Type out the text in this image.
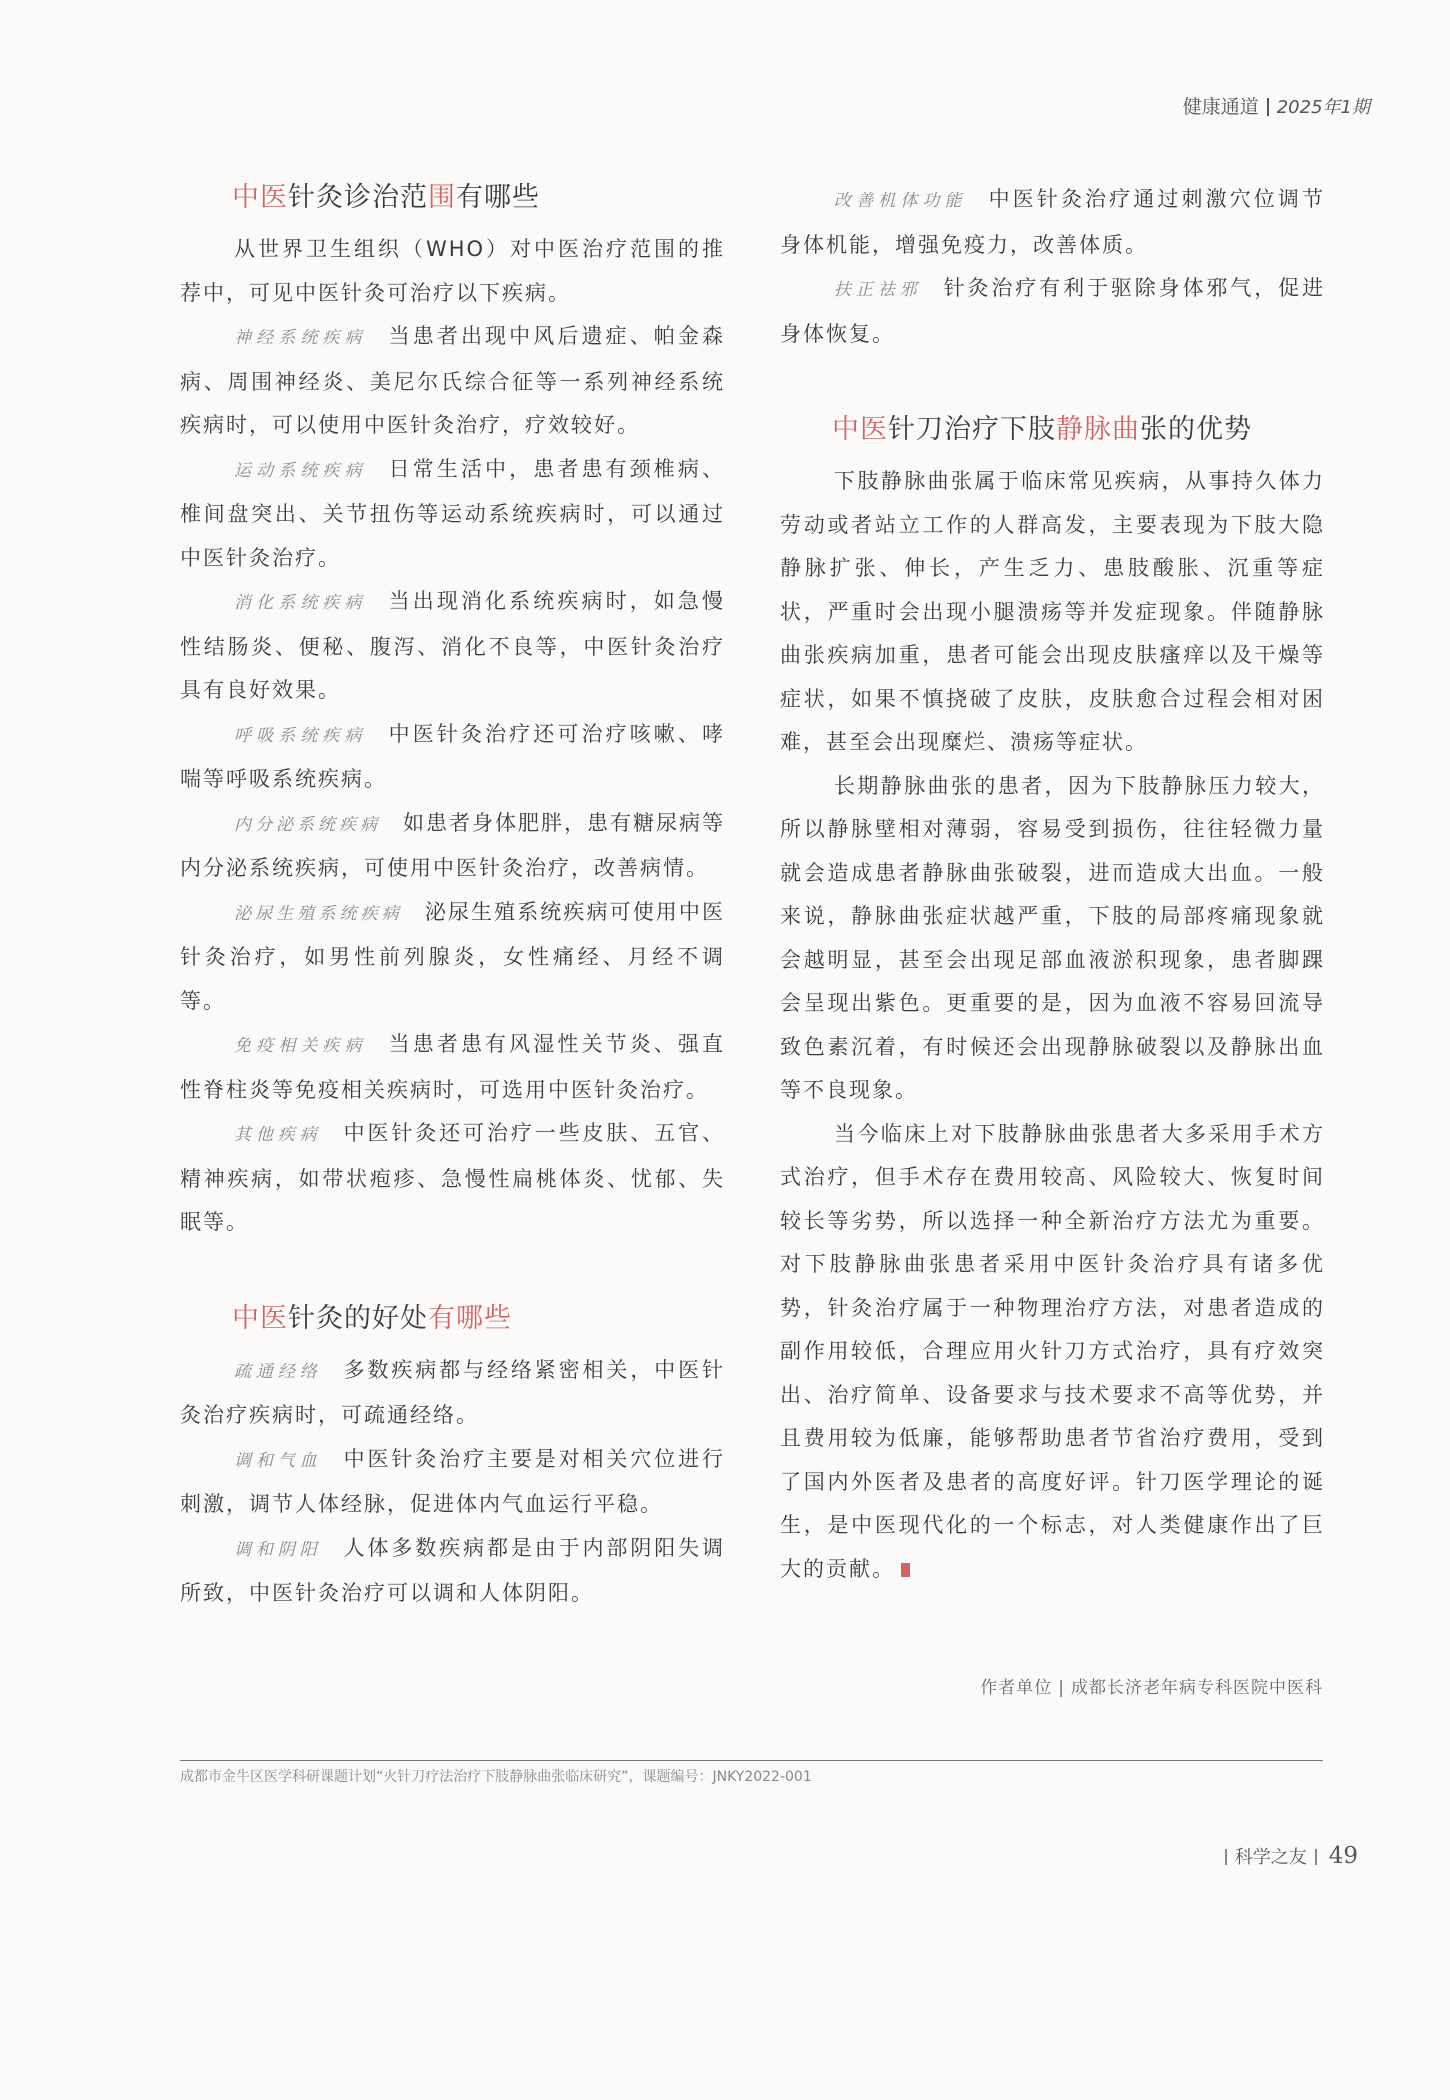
健康通道 2025年1期
中医针灸诊治范围有哪些

从世界卫生组织（WHO）对中医治疗范围的推荐中，可见中医针灸可治疗以下疾病。

神经系统疾病 当患者出现中风后遗症、帕金森病、周围神经炎、美尼尔氏综合征等一系列神经系统疾病时，可以使用中医针灸治疗，疗效较好。

运动系统疾病 日常生活中，患者患有颈椎病、椎间盘突出、关节扭伤等运动系统疾病时，可以通过中医针灸治疗。

消化系统疾病 当出现消化系统疾病时，如急慢性结肠炎、便秘、腹泻、消化不良等，中医针灸治疗具有良好效果。

呼吸系统疾病 中医针灸治疗还可治疗咳嗽、哮喘等呼吸系统疾病。

内分泌系统疾病 如患者身体肥胖，患有糖尿病等内分泌系统疾病，可使用中医针灸治疗，改善病情。

泌尿生殖系统疾病 泌尿生殖系统疾病可使用中医针灸治疗，如男性前列腺炎，女性痛经、月经不调等。

免疫相关疾病 当患者患有风湿性关节炎、强直性脊柱炎等免疫相关疾病时，可选用中医针灸治疗。

其他疾病 中医针灸还可治疗一些皮肤、五官、精神疾病，如带状疱疹、急慢性扁桃体炎、忧郁、失眠等。

中医针灸的好处有哪些

疏通经络 多数疾病都与经络紧密相关，中医针灸治疗疾病时，可疏通经络。

调和气血 中医针灸治疗主要是对相关穴位进行刺激，调节人体经脉，促进体内气血运行平稳。

调和阴阳 人体多数疾病都是由于内部阴阳失调所致，中医针灸治疗可以调和人体阴阳。

改善机体功能 中医针灸治疗通过刺激穴位调节身体机能，增强免疫力，改善体质。

扶正祛邪 针灸治疗有利于驱除身体邪气，促进身体恢复。

中医针刀治疗下肢静脉曲张的优势

下肢静脉曲张属于临床常见疾病，从事持久体力劳动或者站立工作的人群高发，主要表现为下肢大隐静脉扩张、伸长，产生乏力、患肢酸胀、沉重等症状，严重时会出现小腿溃疡等并发症现象。伴随静脉曲张疾病加重，患者可能会出现皮肤瘙痒以及干燥等症状，如果不慎挠破了皮肤，皮肤愈合过程会相对困难，甚至会出现糜烂、溃疡等症状。

长期静脉曲张的患者，因为下肢静脉压力较大，所以静脉壁相对薄弱，容易受到损伤，往往轻微力量就会造成患者静脉曲张破裂，进而造成大出血。一般来说，静脉曲张症状越严重，下肢的局部疼痛现象就会越明显，甚至会出现足部血液淤积现象，患者脚踝会呈现出紫色。更重要的是，因为血液不容易回流导致色素沉着，有时候还会出现静脉破裂以及静脉出血等不良现象。

当今临床上对下肢静脉曲张患者大多采用手术方式治疗，但手术存在费用较高、风险较大、恢复时间较长等劣势，所以选择一种全新治疗方法尤为重要。对下肢静脉曲张患者采用中医针灸治疗具有诸多优势，针灸治疗属于一种物理治疗方法，对患者造成的副作用较低，合理应用火针刀方式治疗，具有疗效突出、治疗简单、设备要求与技术要求不高等优势，并且费用较为低廉，能够帮助患者节省治疗费用，受到了国内外医者及患者的高度好评。针刀医学理论的诞生，是中医现代化的一个标志，对人类健康作出了巨大的贡献。

作者单位 | 成都长济老年病专科医院中医科
成都市金牛区医学科研课题计划“火针刀疗法治疗下肢静脉曲张临床研究”，课题编号：JNKY2022-001
科学之友 49
